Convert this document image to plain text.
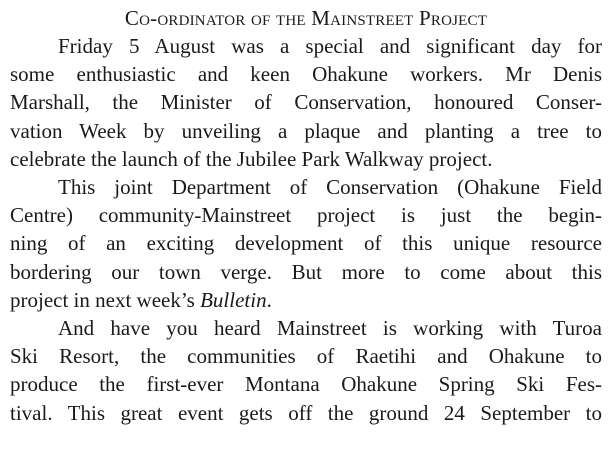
Co-ordinator of the Mainstreet Project
Friday 5 August was a special and significant day for
some enthusiastic and keen Ohakune workers. Mr Denis
Marshall, the Minister of Conservation, honoured Conser-
vation Week by unveiling a plaque and planting a tree to
celebrate the launch of the Jubilee Park Walkway project.
This joint Department of Conservation (Ohakune Field
Centre) community-Mainstreet project is just the begin-
ning of an exciting development of this unique resource
bordering our town verge. But more to come about this
project in next week’s Bulletin.
And have you heard Mainstreet is working with Turoa
Ski Resort, the communities of Raetihi and Ohakune to
produce the first-ever Montana Ohakune Spring Ski Fes-
tival. This great event gets off the ground 24 September to
